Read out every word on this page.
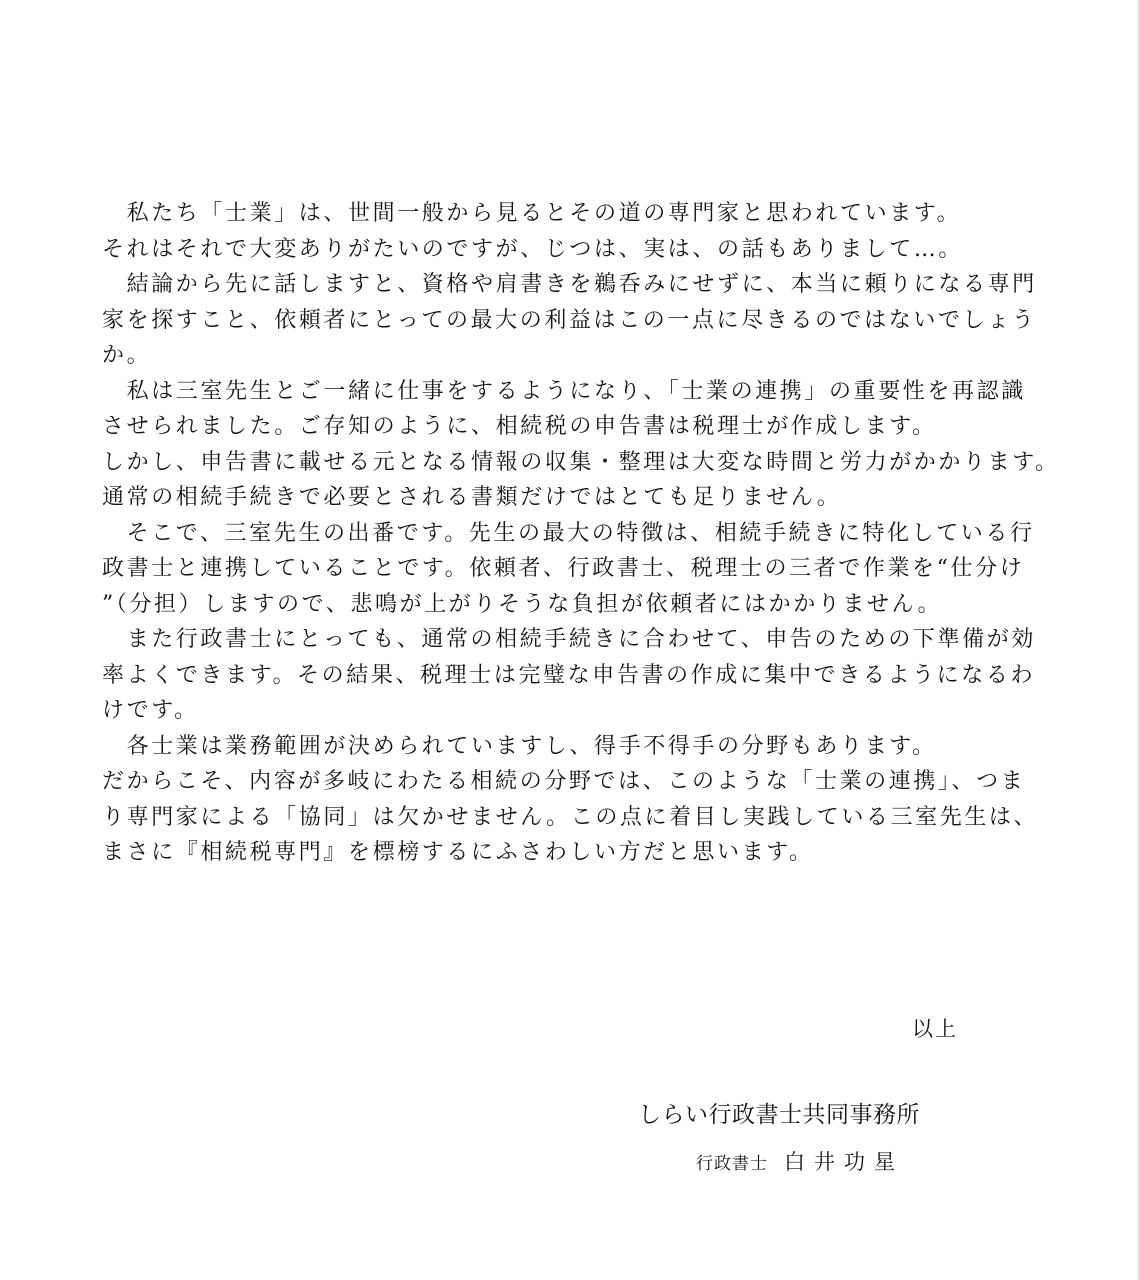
　私たち「士業」は、世間一般から見るとその道の専門家と思われています。
それはそれで大変ありがたいのですが、じつは、実は、の話もありまして…。
　結論から先に話しますと、資格や肩書きを鵜呑みにせずに、本当に頼りになる専門
家を探すこと、依頼者にとっての最大の利益はこの一点に尽きるのではないでしょう
か。
　私は三室先生とご一緒に仕事をするようになり、「士業の連携」の重要性を再認識
させられました。ご存知のように、相続税の申告書は税理士が作成します。
しかし、申告書に載せる元となる情報の収集・整理は大変な時間と労力がかかります。
通常の相続手続きで必要とされる書類だけではとても足りません。
　そこで、三室先生の出番です。先生の最大の特徴は、相続手続きに特化している行
政書士と連携していることです。依頼者、行政書士、税理士の三者で作業を“仕分け
”（分担）しますので、悲鳴が上がりそうな負担が依頼者にはかかりません。
　また行政書士にとっても、通常の相続手続きに合わせて、申告のための下準備が効
率よくできます。その結果、税理士は完璧な申告書の作成に集中できるようになるわ
けです。
　各士業は業務範囲が決められていますし、得手不得手の分野もあります。
だからこそ、内容が多岐にわたる相続の分野では、このような「士業の連携」、つま
り専門家による「協同」は欠かせません。この点に着目し実践している三室先生は、
まさに『相続税専門』を標榜するにふさわしい方だと思います。
以上
しらい行政書士共同事務所
行政書士 白井功星
